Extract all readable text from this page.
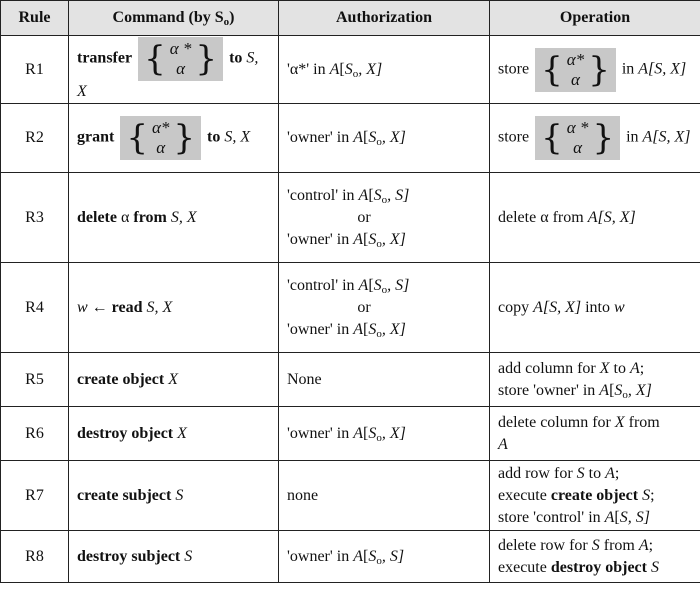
Rule	Command (by $S_o$)	Authorization	Operation
R1	transfer { α *
α } to S, X	'α*' in $A[S_o$, X]	store { α*
α } in A[S, X]
R2	grant { α*
α } to S, X	'owner' in $A[S_o$, X]	store { α *
α } in A[S, X]
R3	delete α from S, X	'control' in $A[S_o$, S]
or
'owner' in $A[S_o$, X]	delete α from A[S, X]
R4	w ← read S, X	'control' in $A[S_o$, S]
or
'owner' in $A[S_o$, X]	copy A[S, X] into w
R5	create object X	None	add column for X to A;
store 'owner' in $A[S_o$, X]

R6	destroy object X	'owner' in $A[S_o$, X]	delete column for X from
A

R7	create subject S	none	add row for S to A;
execute create object S;
store 'control' in A[S, S]

R8	destroy subject S	'owner' in $A[S_o$, S]	delete row for S from A;
execute destroy object S
